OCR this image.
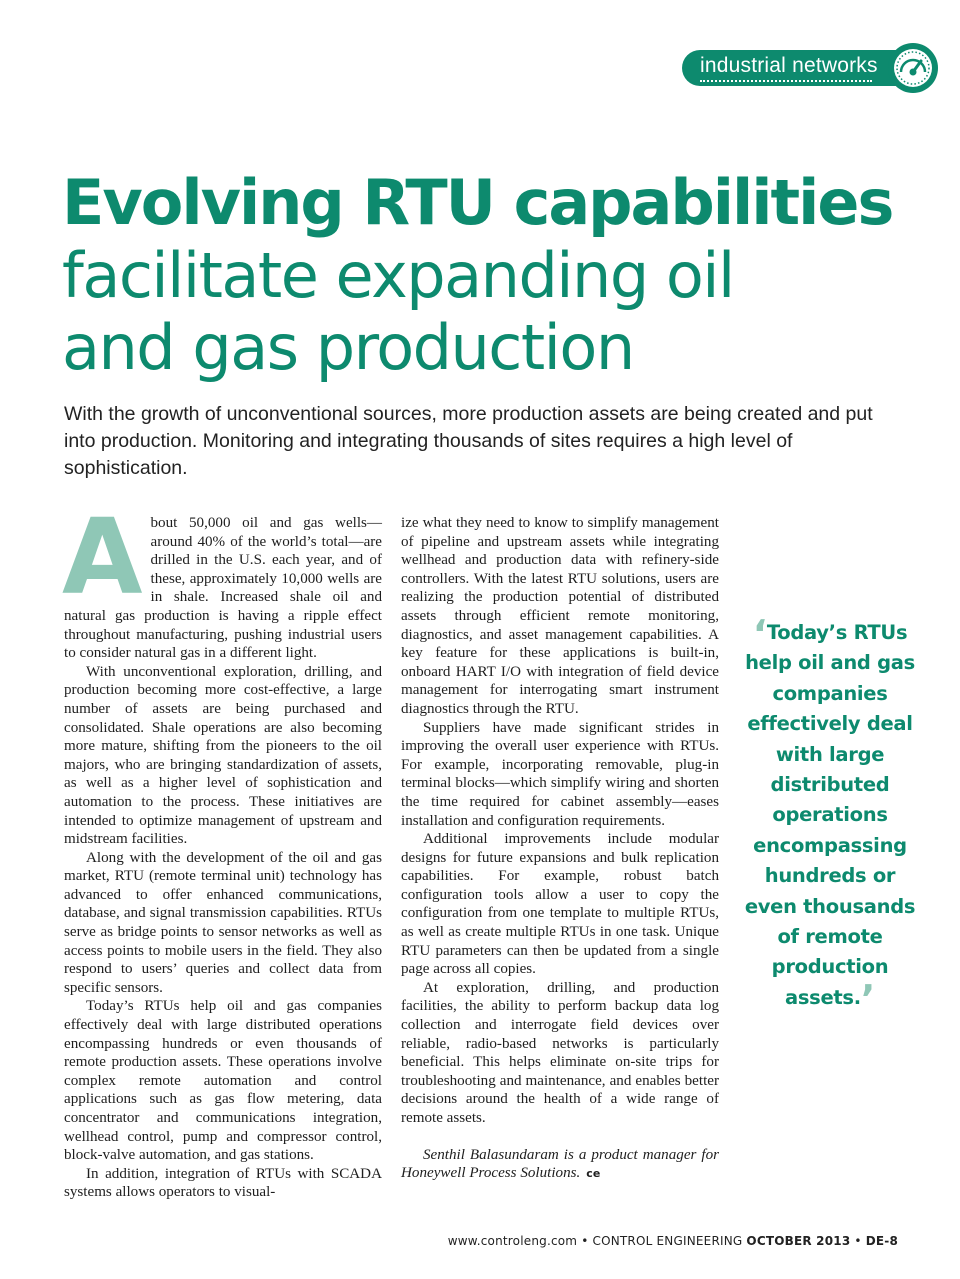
industrial networks
Evolving RTU capabilities
facilitate expanding oil
and gas production

With the growth of unconventional sources, more production assets are being created and put into production. Monitoring and integrating thousands of sites requires a high level of sophistication.

About 50,000 oil and gas wells—around 40% of the world’s total—are drilled in the U.S. each year, and of these, approximately 10,000 wells are in shale. Increased shale oil and natural gas production is having a ripple effect throughout manufacturing, pushing industrial users to consider natural gas in a different light.

With unconventional exploration, drilling, and production becoming more cost-effective, a large number of assets are being purchased and consolidated. Shale operations are also becoming more mature, shifting from the pioneers to the oil majors, who are bringing standardization of assets, as well as a higher level of sophistication and automation to the process. These initiatives are intended to optimize management of upstream and midstream facilities.

Along with the development of the oil and gas market, RTU (remote terminal unit) technology has advanced to offer enhanced communications, database, and signal transmission capabilities. RTUs serve as bridge points to sensor networks as well as access points to mobile users in the field. They also respond to users’ queries and collect data from specific sensors.

Today’s RTUs help oil and gas companies effectively deal with large distributed operations encompassing hundreds or even thousands of remote production assets. These operations involve complex remote automation and control applications such as gas flow metering, data concentrator and communications integration, wellhead control, pump and compressor control, block-valve automation, and gas stations.

In addition, integration of RTUs with SCADA systems allows operators to visual-

ize what they need to know to simplify management of pipeline and upstream assets while integrating wellhead and production data with refinery-side controllers. With the latest RTU solutions, users are realizing the production potential of distributed assets through efficient remote monitoring, diagnostics, and asset management capabilities. A key feature for these applications is built-in, onboard HART I/O with integration of field device management for interrogating smart instrument diagnostics through the RTU.

Suppliers have made significant strides in improving the overall user experience with RTUs. For example, incorporating removable, plug-in terminal blocks—which simplify wiring and shorten the time required for cabinet assembly—eases installation and configuration requirements.

Additional improvements include modular designs for future expansions and bulk replication capabilities. For example, robust batch configuration tools allow a user to copy the configuration from one template to multiple RTUs, as well as create multiple RTUs in one task. Unique RTU parameters can then be updated from a single page across all copies.

At exploration, drilling, and production facilities, the ability to perform backup data log collection and interrogate field devices over reliable, radio-based networks is particularly beneficial. This helps eliminate on-site trips for troubleshooting and maintenance, and enables better decisions around the health of a wide range of remote assets.

Senthil Balasundaram is a product manager for Honeywell Process Solutions. ce

‘Today’s RTUs help oil and gas companies effectively deal with large distributed operations encompassing hundreds or even thousands of remote production assets.’

www.controleng.com • CONTROL ENGINEERING OCTOBER 2013 • DE-8
